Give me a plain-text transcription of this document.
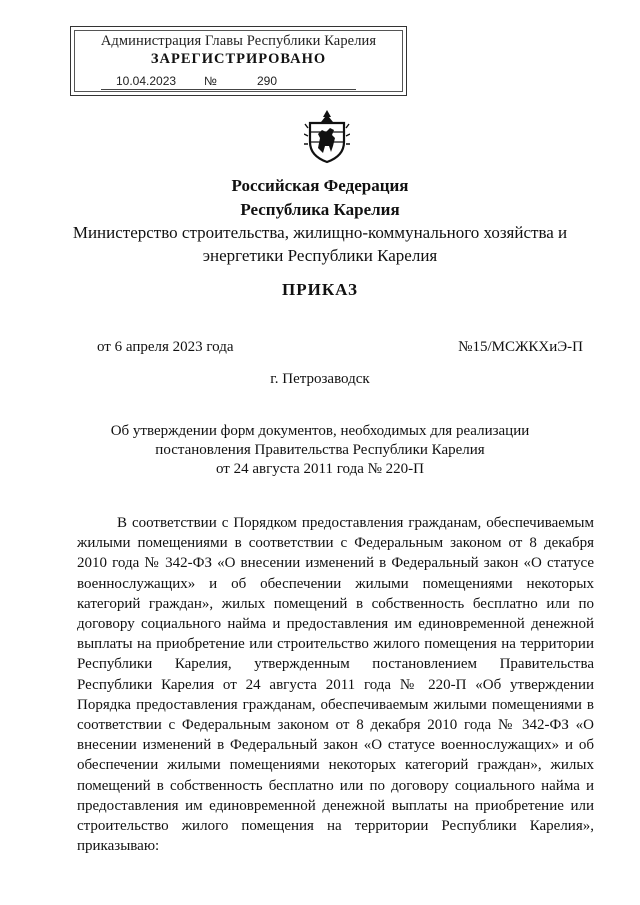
Администрация Главы Республики Карелия
ЗАРЕГИСТРИРОВАНО
10.04.2023 №	290
Российская Федерация
Республика Карелия
Министерство строительства, жилищно-коммунального хозяйства и
энергетики Республики Карелия
ПРИКАЗ
от 6 апреля 2023 года	№15/МСЖКХиЭ-П
г. Петрозаводск
Об утверждении форм документов, необходимых для реализации
постановления Правительства Республики Карелия
от 24 августа 2011 года № 220-П

В соответствии с Порядком предоставления гражданам, обеспечиваемым жилыми помещениями в соответствии с Федеральным законом от 8 декабря 2010 года № 342-ФЗ «О внесении изменений в Федеральный закон «О статусе военнослужащих» и об обеспечении жилыми помещениями некоторых категорий граждан», жилых помещений в собственность бесплатно или по договору социального найма и предоставления им единовременной денежной выплаты на приобретение или строительство жилого помещения на территории Республики Карелия, утвержденным постановлением Правительства Республики Карелия от 24 августа 2011 года № 220-П «Об утверждении Порядка предоставления гражданам, обеспечиваемым жилыми помещениями в соответствии с Федеральным законом от 8 декабря 2010 года № 342-ФЗ «О внесении изменений в Федеральный закон «О статусе военнослужащих» и об обеспечении жилыми помещениями некоторых категорий граждан», жилых помещений в собственность бесплатно или по договору социального найма и предоставления им единовременной денежной выплаты на приобретение или строительство жилого помещения на территории Республики Карелия», приказываю:
